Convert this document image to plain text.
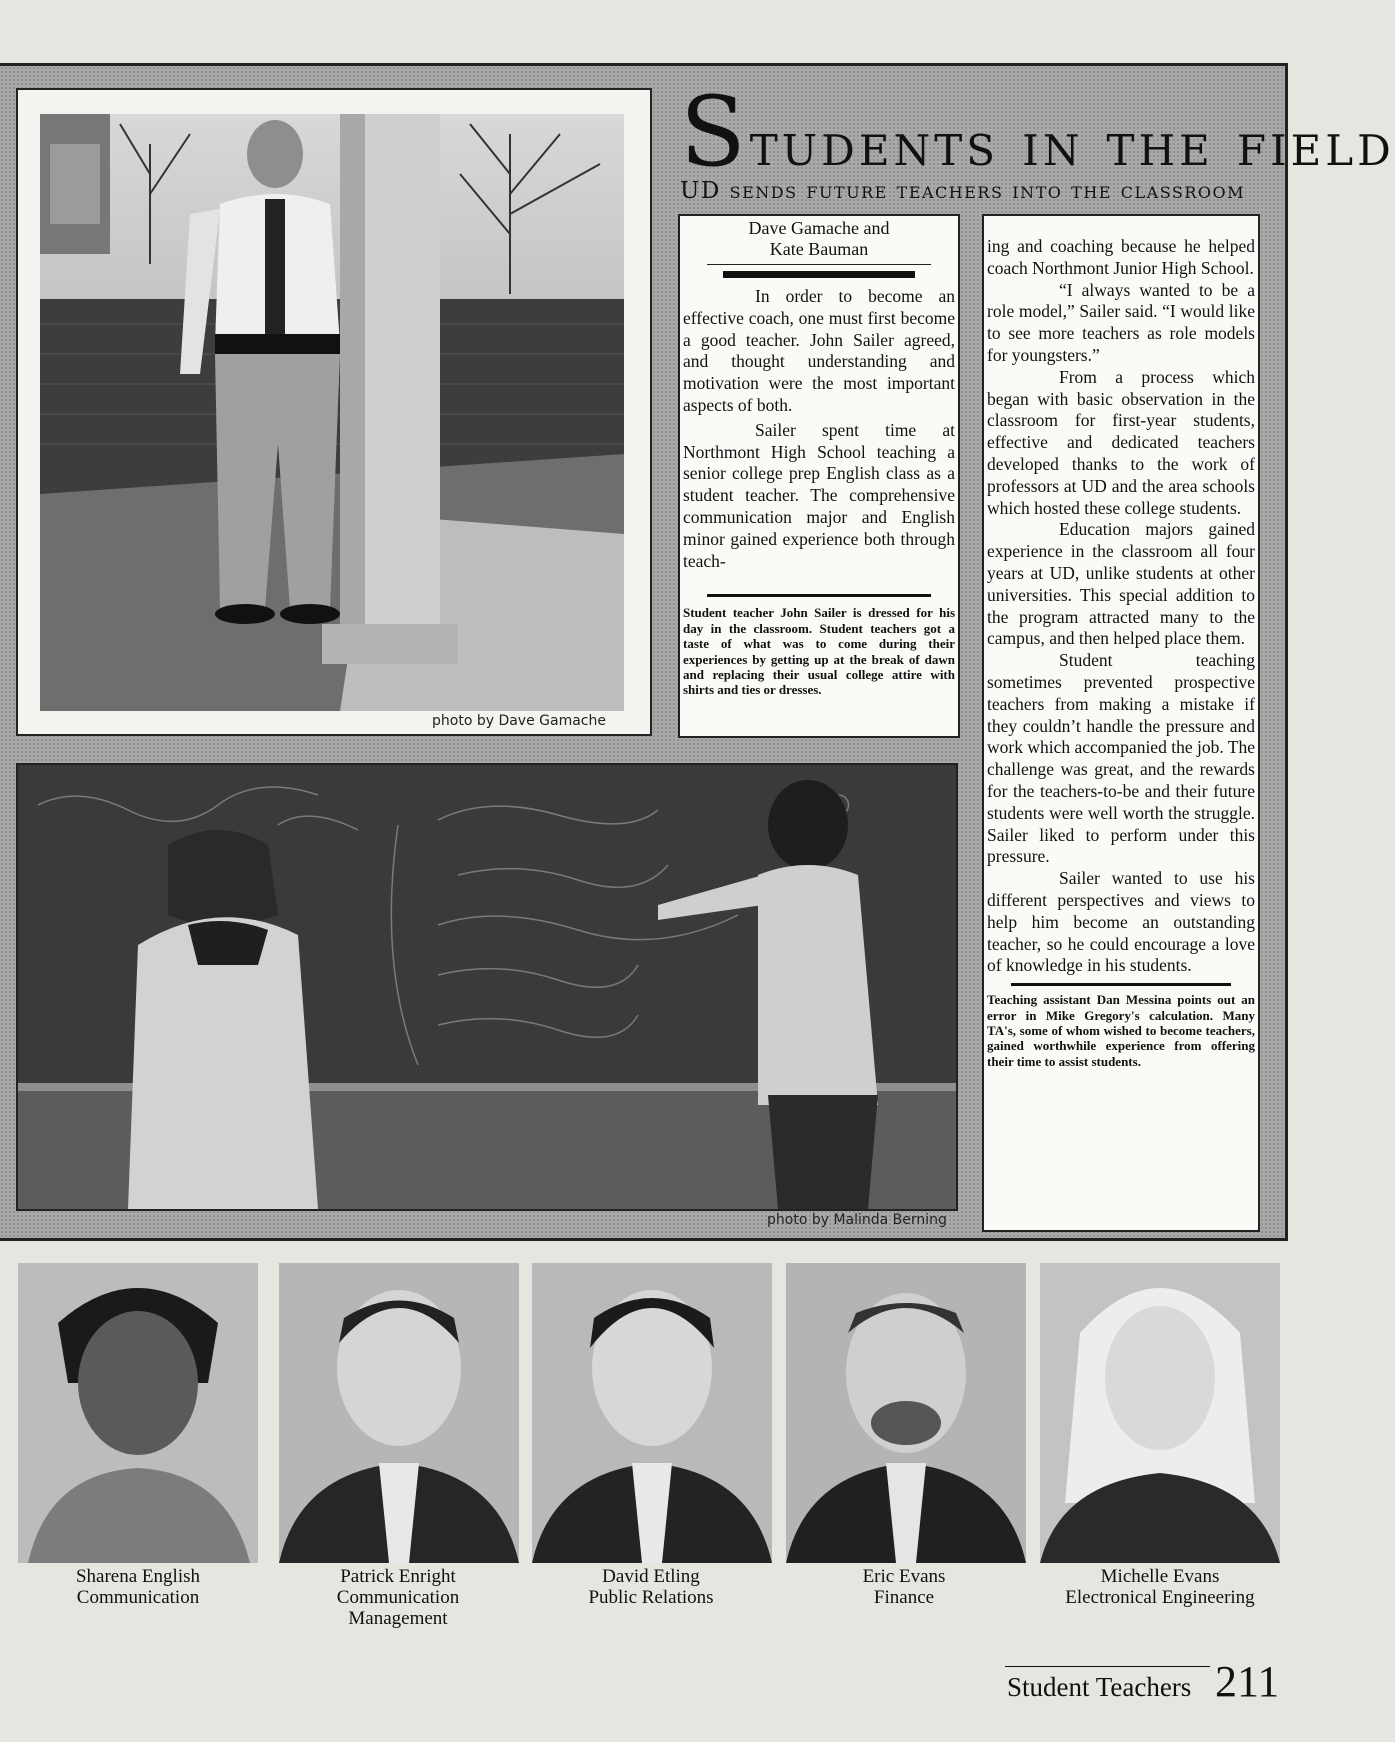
photo by Dave Gamache
Students in the field
UD sends future teachers into the classroom
Dave Gamache and
Kate Bauman

In order to become an effective coach, one must first become a good teacher. John Sailer agreed, and thought understanding and motivation were the most important aspects of both.

Sailer spent time at Northmont High School teaching a senior college prep English class as a student teacher. The comprehensive communication major and English minor gained experience both through teach-

Student teacher John Sailer is dressed for his day in the classroom. Student teachers got a taste of what was to come during their experiences by getting up at the break of dawn and replacing their usual college attire with shirts and ties or dresses.

ing and coaching because he helped coach Northmont Junior High School.

“I always wanted to be a role model,” Sailer said. “I would like to see more teachers as role models for youngsters.”

From a process which began with basic observation in the classroom for first-year students, effective and dedicated teachers developed thanks to the work of professors at UD and the area schools which hosted these college students.

Education majors gained experience in the classroom all four years at UD, unlike students at other universities. This special addition to the program attracted many to the campus, and then helped place them.

Student teaching sometimes prevented prospective teachers from making a mistake if they couldn’t handle the pressure and work which accompanied the job. The challenge was great, and the rewards for the teachers-to-be and their future students were well worth the struggle. Sailer liked to perform under this pressure.

Sailer wanted to use his different perspectives and views to help him become an outstanding teacher, so he could encourage a love of knowledge in his students.

Teaching assistant Dan Messina points out an error in Mike Gregory's calculation. Many TA's, some of whom wished to become teachers, gained worthwhile experience from offering their time to assist students.
photo by Malinda Berning
Sharena English
Communication
Patrick Enright
Communication
Management
David Etling
Public Relations
Eric Evans
Finance
Michelle Evans
Electronical Engineering
Student Teachers 211
